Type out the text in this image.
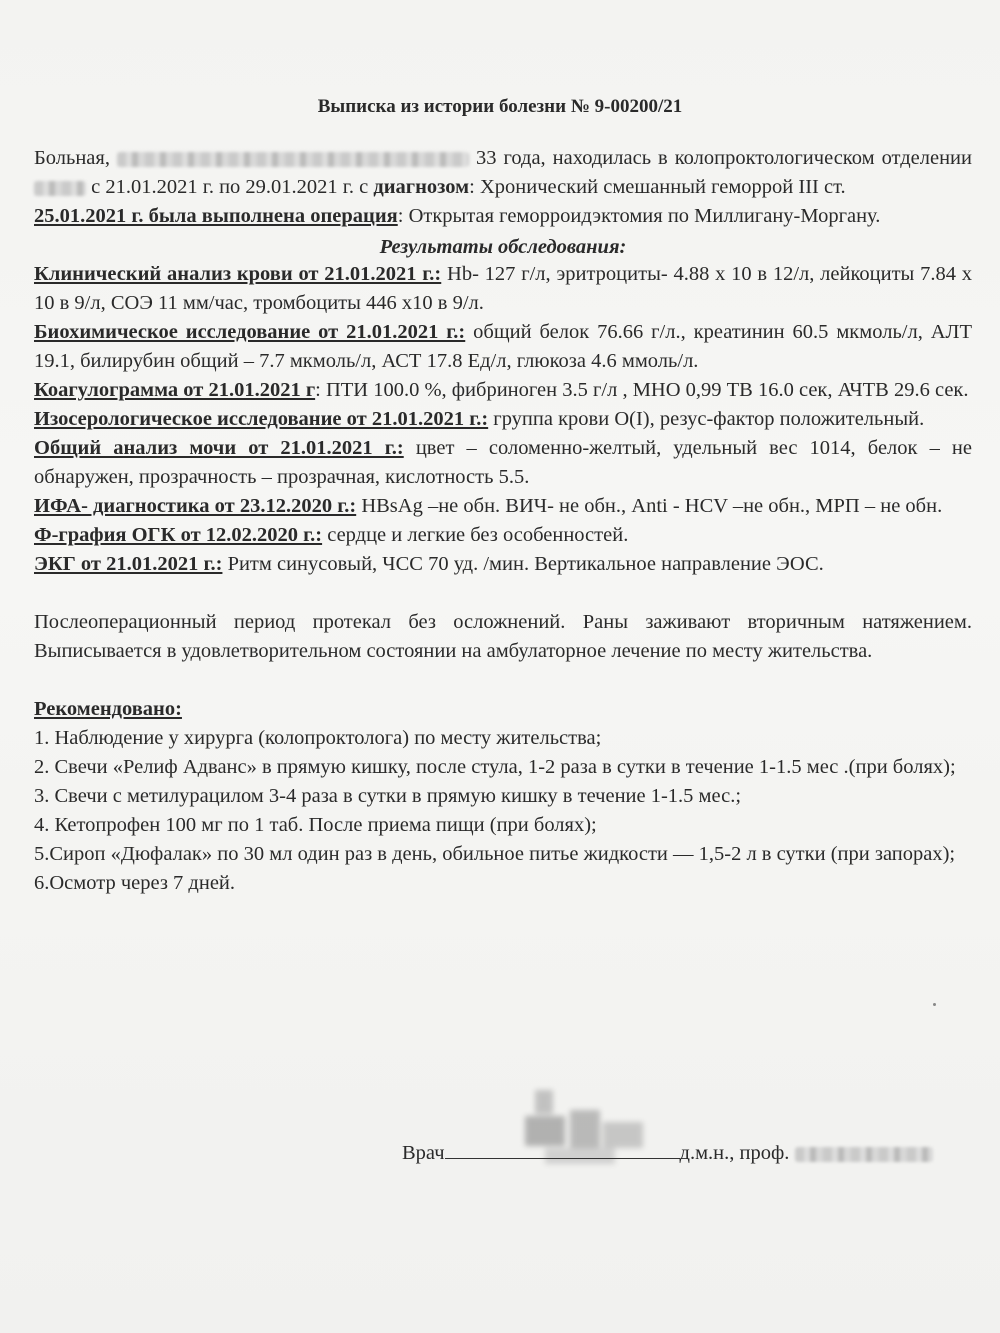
Выписка из истории болезни № 9-00200/21

Больная,	33 года, находилась в колопроктологическом отделении  с 21.01.2021 г. по 29.01.2021 г. с диагнозом: Хронический смешанный геморрой III ст.

25.01.2021 г. была выполнена операция: Открытая геморроидэктомия по Миллигану-Моргану.

Результаты обследования:

Клинический анализ крови от 21.01.2021 г.: Hb- 127 г/л, эритроциты- 4.88 х 10 в 12/л, лейкоциты 7.84 х 10 в 9/л, СОЭ 11 мм/час, тромбоциты 446 х10 в 9/л.

Биохимическое исследование от 21.01.2021 г.: общий белок 76.66 г/л., креатинин 60.5 мкмоль/л, АЛТ 19.1, билирубин общий – 7.7 мкмоль/л, АСТ 17.8 Ед/л, глюкоза 4.6 ммоль/л.

Коагулограмма от 21.01.2021 г: ПТИ 100.0 %, фибриноген 3.5 г/л , МНО 0,99 ТВ 16.0 сек, АЧТВ 29.6 сек.

Изосерологическое исследование от 21.01.2021 г.: группа крови O(I), резус-фактор положительный.

Общий анализ мочи от 21.01.2021 г.: цвет – соломенно-желтый, удельный вес 1014, белок – не обнаружен, прозрачность – прозрачная, кислотность 5.5.

ИФА- диагностика от 23.12.2020 г.: HBsAg –не обн. ВИЧ- не обн., Anti - HCV –не обн., МРП – не обн.

Ф-графия ОГК от 12.02.2020 г.: сердце и легкие без особенностей.

ЭКГ от 21.01.2021 г.: Ритм синусовый, ЧСС 70 уд. /мин. Вертикальное направление ЭОС.

Послеоперационный период протекал без осложнений. Раны заживают вторичным натяжением. Выписывается в удовлетворительном состоянии на амбулаторное лечение по месту жительства.

Рекомендовано:

1. Наблюдение у хирурга (колопроктолога) по месту жительства;
2. Свечи «Релиф Адванс» в прямую кишку, после стула, 1-2 раза в сутки в течение 1-1.5 мес .(при болях);
3. Свечи с метилурацилом 3-4 раза в сутки в прямую кишку в течение 1-1.5 мес.;
4. Кетопрофен 100 мг по 1 таб. После приема пищи (при болях);
5.Сироп «Дюфалак» по 30 мл один раз в день, обильное питье жидкости — 1,5-2 л в сутки (при запорах);
6.Осмотр через 7 дней.
Врач	д.м.н., проф.
